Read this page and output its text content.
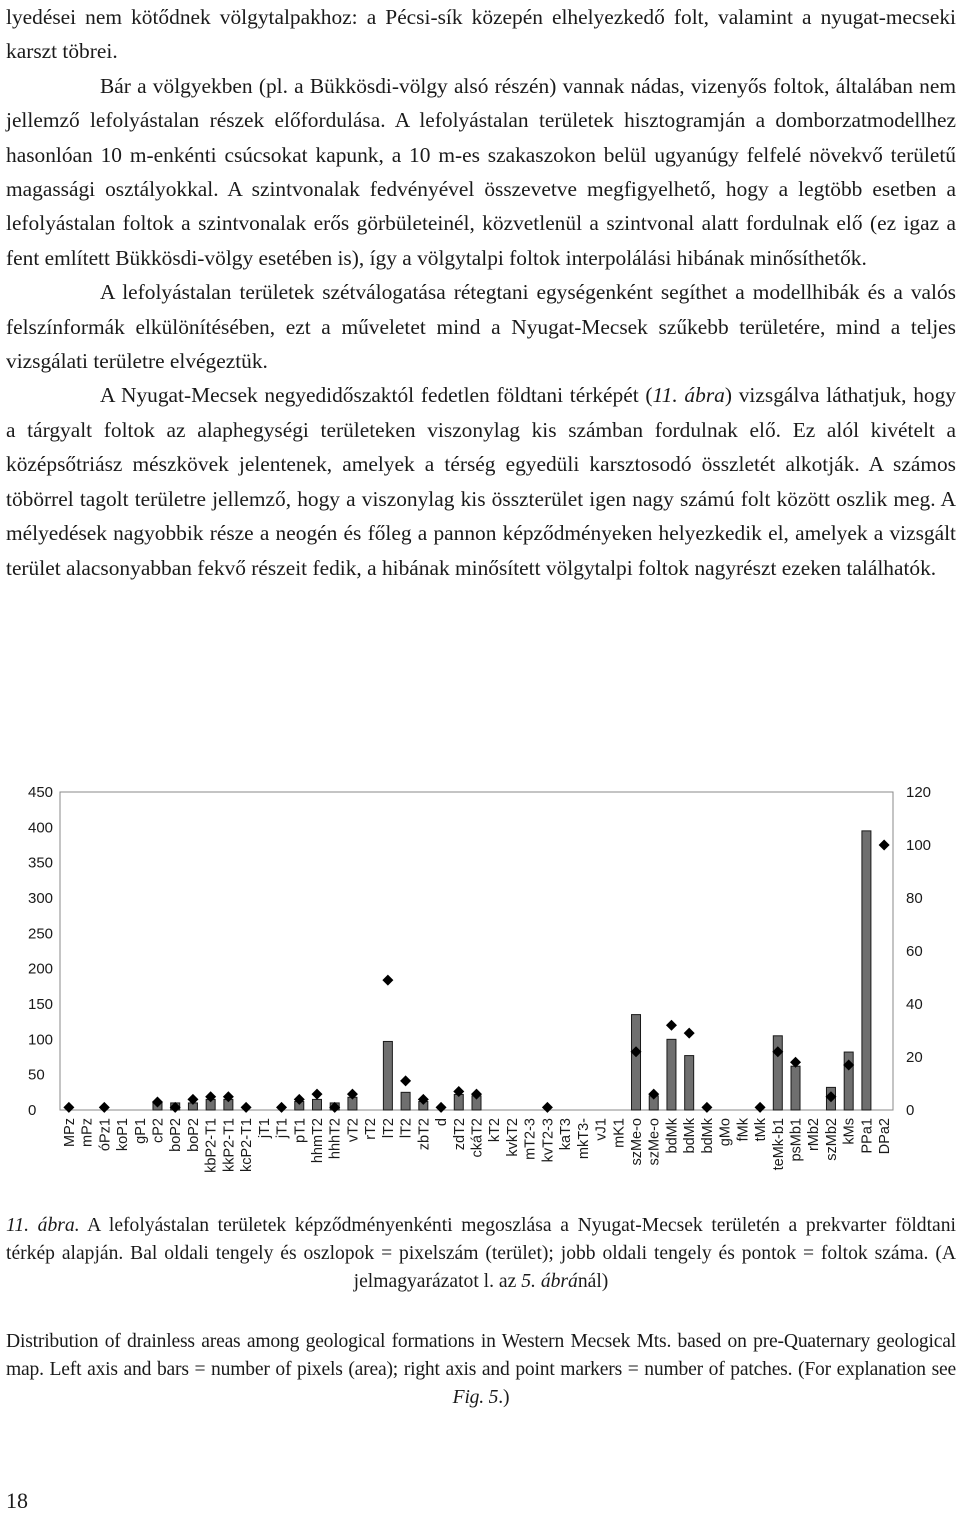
lyedései nem kötődnek völgytalpakhoz: a Pécsi-sík közepén elhelyezkedő folt, valamint a nyugat-mecseki karszt töbrei.

Bár a völgyekben (pl. a Bükkösdi-völgy alsó részén) vannak nádas, vizenyős foltok, általában nem jellemző lefolyástalan részek előfordulása. A lefolyástalan területek hisztogramján a domborzatmodellhez hasonlóan 10 m-enkénti csúcsokat kapunk, a 10 m-es szakaszokon belül ugyanúgy felfelé növekvő területű magassági osztályokkal. A szintvonalak fedvényével összevetve megfigyelhető, hogy a legtöbb esetben a lefolyástalan foltok a szintvonalak erős görbületeinél, közvetlenül a szintvonal alatt fordulnak elő (ez igaz a fent említett Bükkösdi-völgy esetében is), így a völgytalpi foltok interpolálási hibának minősíthetők.

A lefolyástalan területek szétválogatása rétegtani egységenként segíthet a modellhibák és a valós felszínformák elkülönítésében, ezt a műveletet mind a Nyugat-Mecsek szűkebb területére, mind a teljes vizsgálati területre elvégeztük.

A Nyugat-Mecsek negyedidőszaktól fedetlen földtani térképét (11. ábra) vizsgálva láthatjuk, hogy a tárgyalt foltok az alaphegységi területeken viszonylag kis számban fordulnak elő. Ez alól kivételt a középsőtriász mészkövek jelentenek, amelyek a térség egyedüli karsztosodó összletét alkotják. A számos töbörrel tagolt területre jellemző, hogy a viszonylag kis összterület igen nagy számú folt között oszlik meg. A mélyedések nagyobbik része a neogén és főleg a pannon képződményeken helyezkedik el, amelyek a vizsgált terület alacsonyabban fekvő részeit fedik, a hibának minősített völgytalpi foltok nagyrészt ezeken találhatók.

450
400
350
300
250
200
150
100
50
0
120
100
80
60
40
20
0
MPz mPz óPz1 koP1 gP1 cP2 boP2 boP2 kbP2-T1 kkP2-T1 kcP2-T1 jT1 jT1 pT1 hhmT2 hhhT2 vT2 rT2 lT2 lT2 zbT2 d zdT2 ckáT2 kT2 kvkT2 mT2-3 kvT2-3 kaT3 mkT3- vJ1 mK1 szMe-o szMe-o bdMk bdMk bdMk gMo fMk tMk teMk-b1 psMb1 rMb2 szMb2 kMs PPa1 DPa2

11. ábra. A lefolyástalan területek képződményenkénti megoszlása a Nyugat-Mecsek területén a prekvarter földtani térkép alapján. Bal oldali tengely és oszlopok = pixelszám (terület); jobb oldali tengely és pontok = foltok száma. (A jelmagyarázatot l. az 5. ábránál)

Distribution of drainless areas among geological formations in Western Mecsek Mts. based on pre-Quaternary geological map. Left axis and bars = number of pixels (area); right axis and point markers = number of patches. (For explanation see Fig. 5.)

18
